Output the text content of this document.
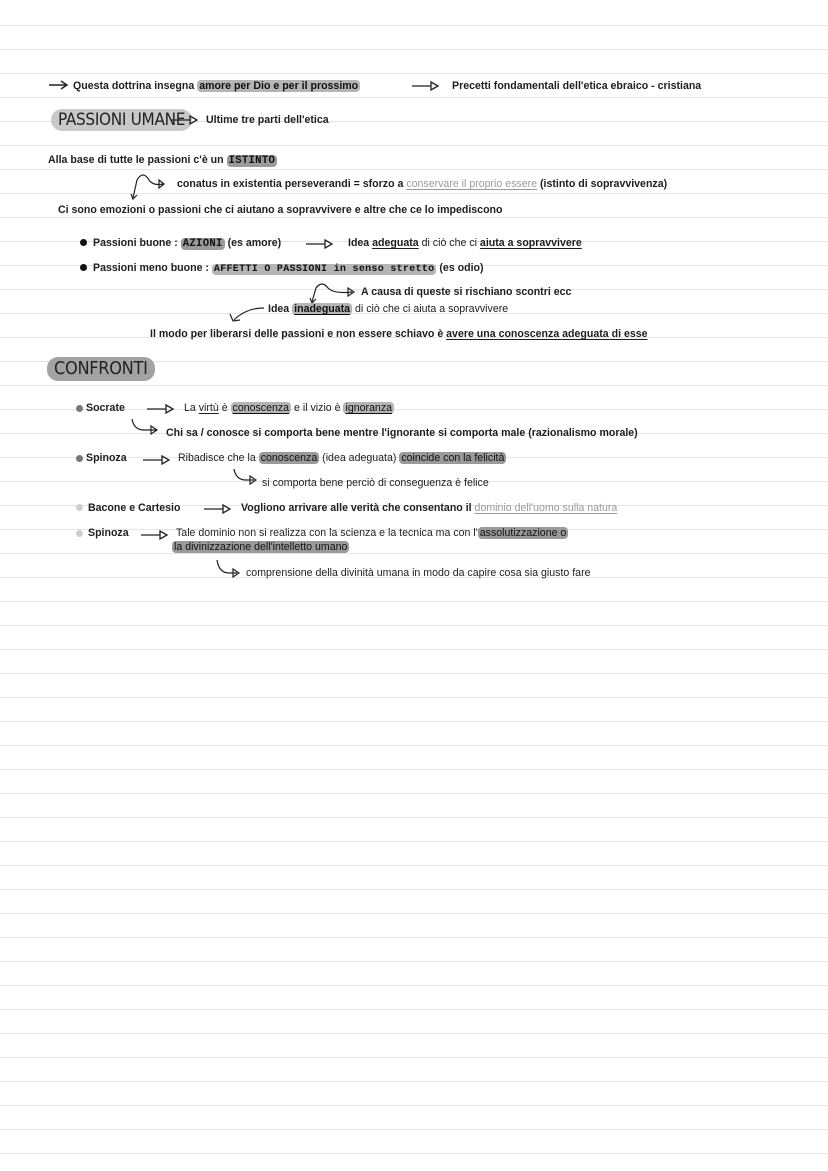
Questa dottrina insegna amore per Dio e per il prossimo	Precetti fondamentali dell'etica ebraico - cristiana
PASSIONI UMANE	Ultime tre parti dell'etica
Alla base di tutte le passioni c'è un ISTINTO
conatus in existentia perseverandi = sforzo a conservare il proprio essere (istinto di sopravvivenza)
Ci sono emozioni o passioni che ci aiutano a sopravvivere e altre che ce lo impediscono
Passioni buone : AZIONI (es amore)	Idea adeguata di ciò che ci aiuta a sopravvivere
Passioni meno buone : AFFETTI O PASSIONI in senso stretto (es odio)
A causa di queste si rischiano scontri ecc
Idea inadeguata di ciò che ci aiuta a sopravvivere
Il modo per liberarsi delle passioni e non essere schiavo è avere una conoscenza adeguata di esse
CONFRONTI
Socrate	La virtù è conoscenza e il vizio è ignoranza
Chi sa / conosce si comporta bene mentre l'ignorante si comporta male (razionalismo morale)
Spinoza	Ribadisce che la conoscenza (idea adeguata) coincide con la felicità
si comporta bene perciò di conseguenza è felice
Bacone e Cartesio	Vogliono arrivare alle verità che consentano il dominio dell'uomo sulla natura
Spinoza	Tale dominio non si realizza con la scienza e la tecnica ma con l' assolutizzazione o
la divinizzazione dell'intelletto umano
comprensione della divinità umana in modo da capire cosa sia giusto fare
